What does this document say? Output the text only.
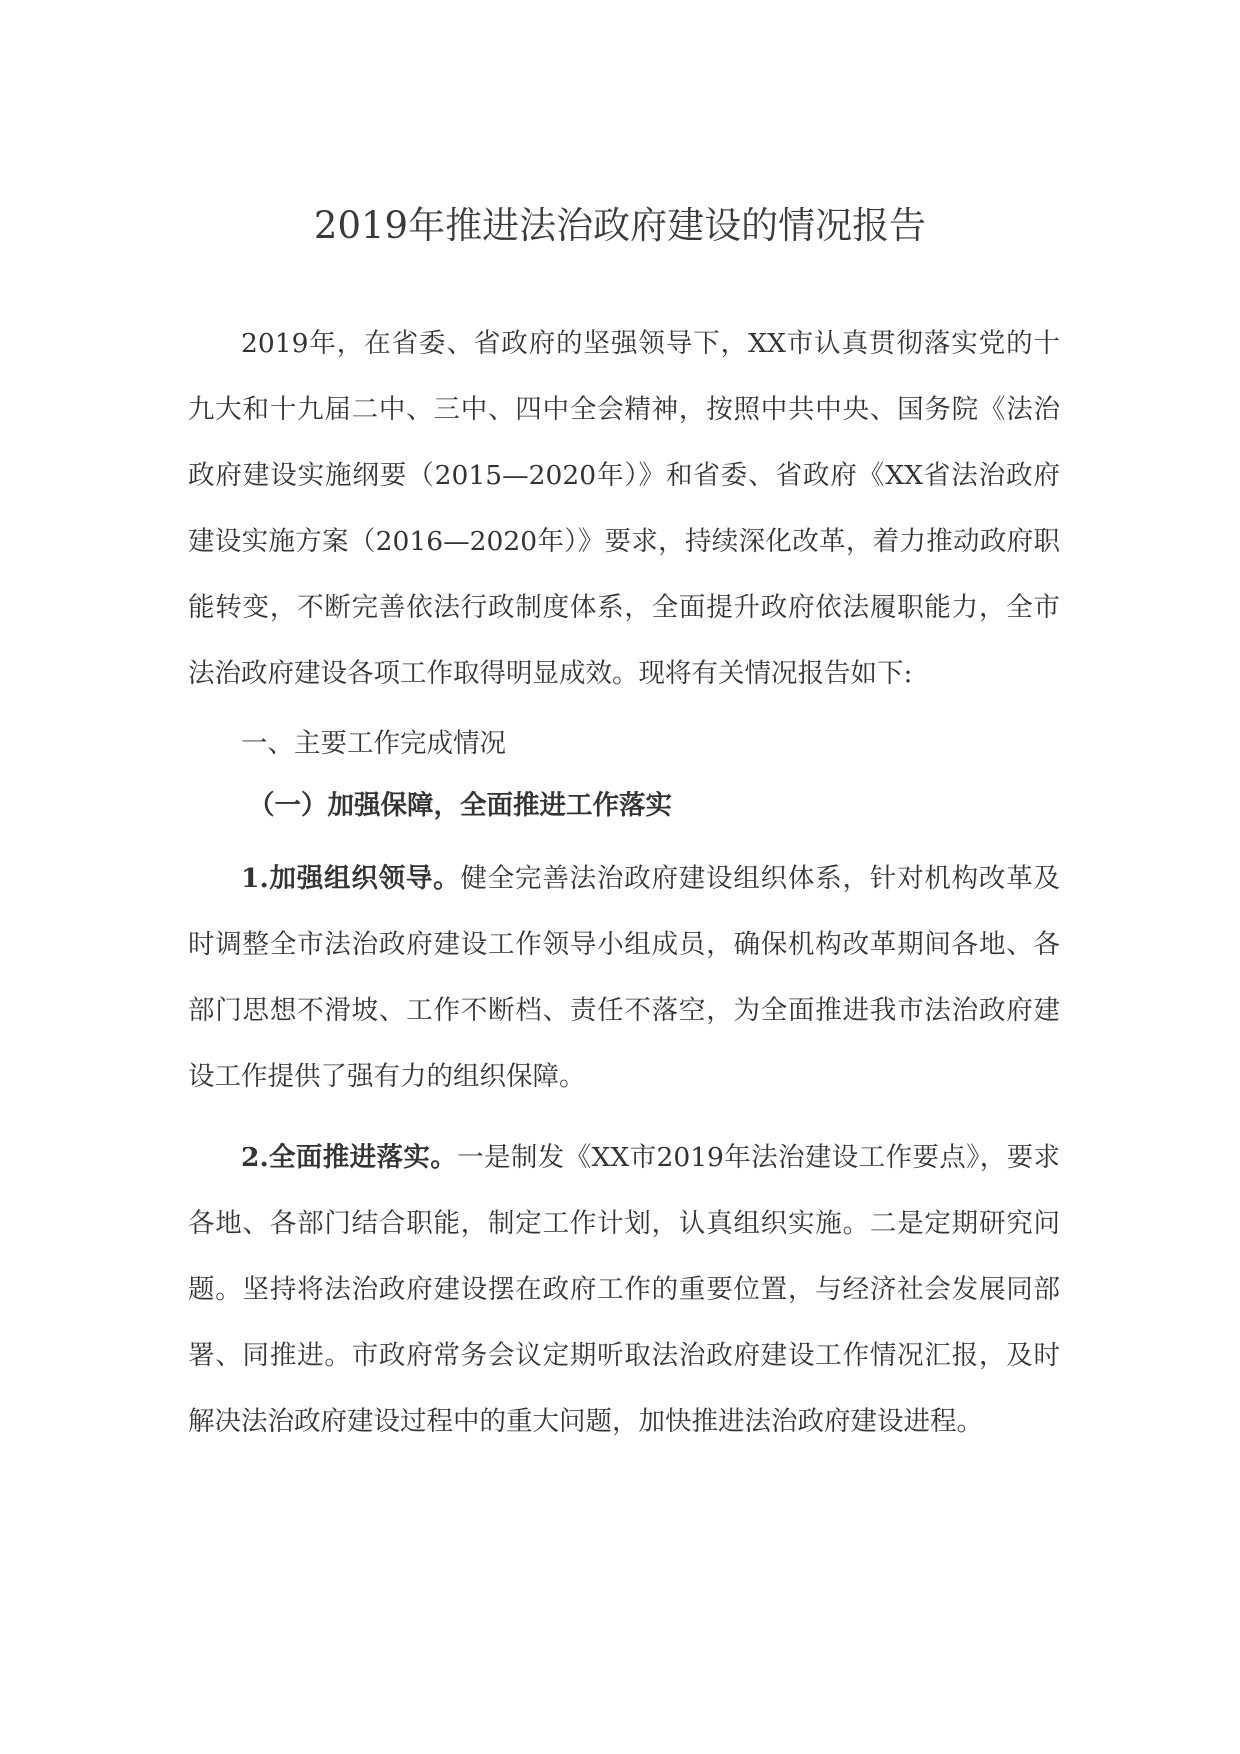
2019年推进法治政府建设的情况报告

2019年，在省委、省政府的坚强领导下，XX市认真贯彻落实党的十九大和十九届二中、三中、四中全会精神，按照中共中央、国务院《法治政府建设实施纲要（2015—2020年）》和省委、省政府《XX省法治政府建设实施方案（2016—2020年）》要求，持续深化改革，着力推动政府职能转变，不断完善依法行政制度体系，全面提升政府依法履职能力，全市法治政府建设各项工作取得明显成效。现将有关情况报告如下:

一、主要工作完成情况

（一）加强保障，全面推进工作落实

1.加强组织领导。健全完善法治政府建设组织体系，针对机构改革及时调整全市法治政府建设工作领导小组成员，确保机构改革期间各地、各部门思想不滑坡、工作不断档、责任不落空，为全面推进我市法治政府建设工作提供了强有力的组织保障。

2.全面推进落实。一是制发《XX市2019年法治建设工作要点》，要求各地、各部门结合职能，制定工作计划，认真组织实施。二是定期研究问题。坚持将法治政府建设摆在政府工作的重要位置，与经济社会发展同部署、同推进。市政府常务会议定期听取法治政府建设工作情况汇报，及时解决法治政府建设过程中的重大问题，加快推进法治政府建设进程。
